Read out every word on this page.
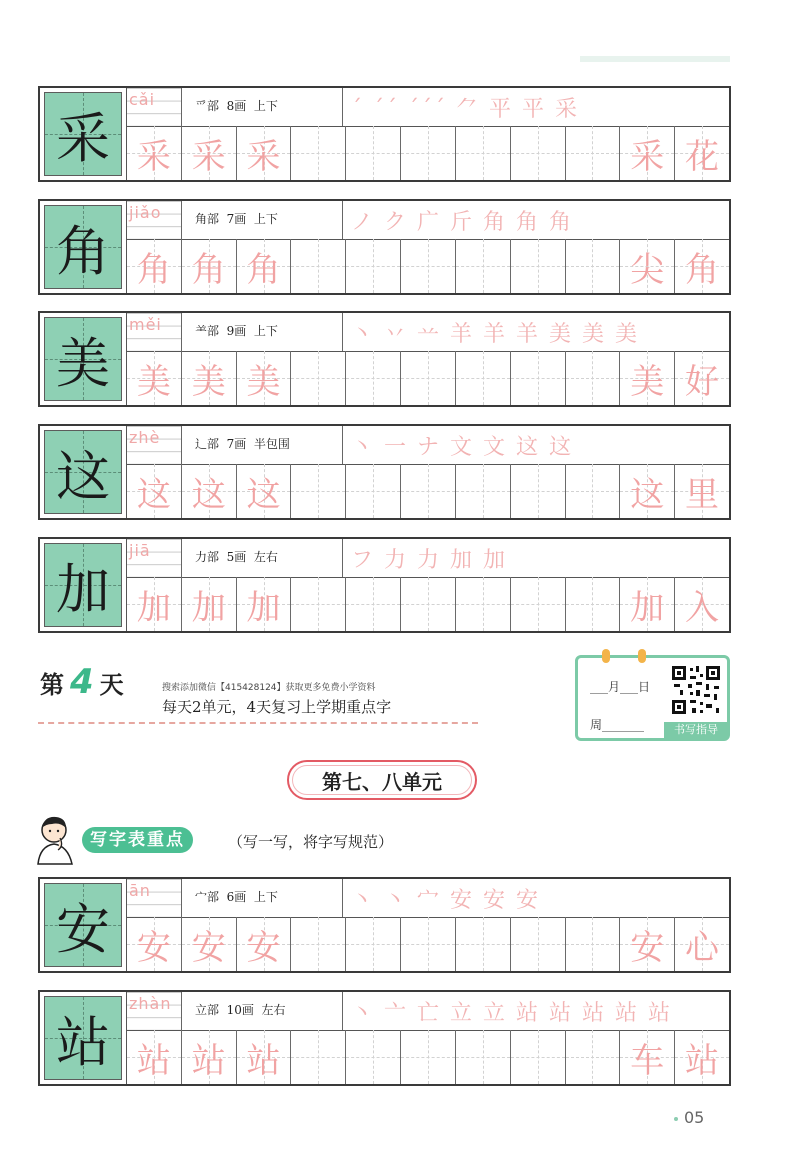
采
cǎi	爫部  8画  上下	´ ´´ ´´´ ⺈ 平 平 采
采 采 采	采 花
角
jiǎo	角部  7画  上下	ノ ク 广 斤 角 角 角
角 角 角	尖 角
美
měi	⺷部  9画  上下	丶 丷 䒑 羊 羊 羊 美 美 美
美 美 美	美 好
这
zhè	辶部  7画  半包围	丶 一 ナ 文 文 这 这
这 这 这	这 里
加
jiā	力部  5画  左右	フ 力 力 加 加
加 加 加	加 入
第 4 天	搜索添加微信【415428124】获取更多免费小学资料
每天2单元，4天复习上学期重点字
___月___日
周_______	书写指导
第七、八单元
写字表重点	（写一写，将字写规范）
安
ān	宀部  6画  上下	丶 丶 宀 安 安 安
安 安 安	安 心
站
zhàn 立部  10画  左右	丶 亠 亡 立 立 站 站 站 站 站
站 站 站	车 站
05
